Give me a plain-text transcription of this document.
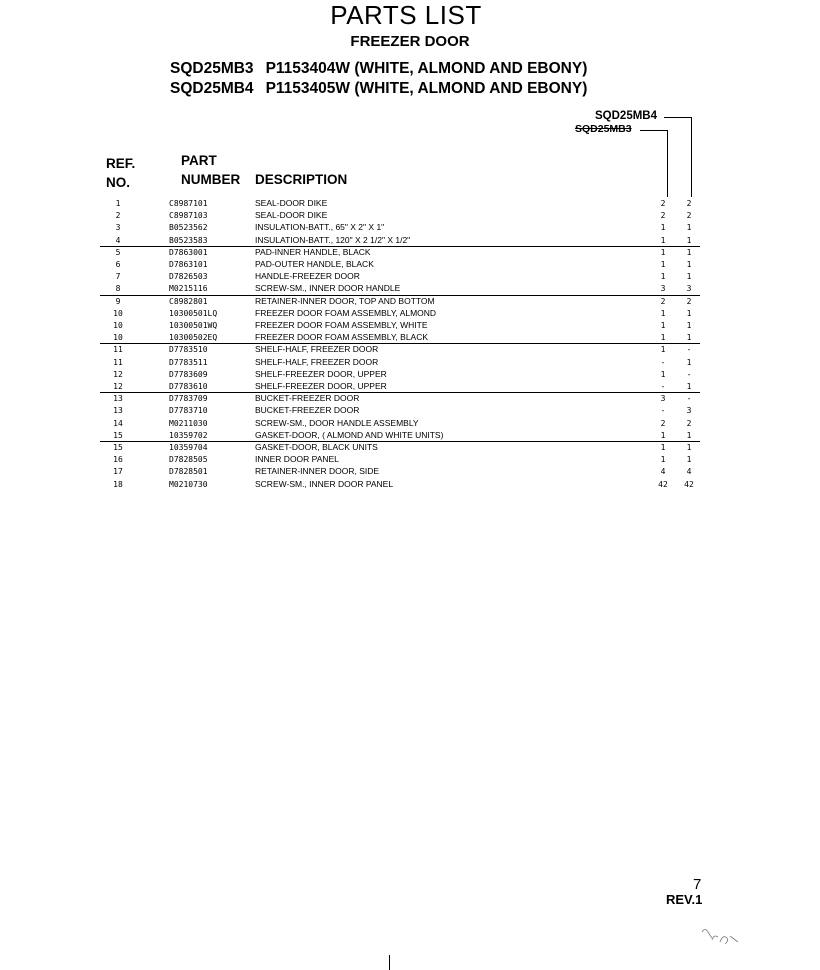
PARTS LIST
FREEZER DOOR
SQD25MB3 P1153404W (WHITE, ALMOND AND EBONY)
SQD25MB4 P1153405W (WHITE, ALMOND AND EBONY)
SQD25MB4
SQD25MB3
REF.
NO.
PART
NUMBER DESCRIPTION
1	C8987101	SEAL-DOOR DIKE	2	2
2	C8987103	SEAL-DOOR DIKE	2	2
3	B0523562	INSULATION-BATT., 65" X 2" X 1"	1	1
4	B0523583	INSULATION-BATT., 120" X 2 1/2" X 1/2"	1	1
5	D7863001	PAD-INNER HANDLE, BLACK	1	1
6	D7863101	PAD-OUTER HANDLE, BLACK	1	1
7	D7826503	HANDLE-FREEZER DOOR	1	1
8	M0215116	SCREW-SM., INNER DOOR HANDLE	3	3
9	C8982801	RETAINER-INNER DOOR, TOP AND BOTTOM	2	2
10	10300501LQ	FREEZER DOOR FOAM ASSEMBLY, ALMOND	1	1
10	10300501WQ	FREEZER DOOR FOAM ASSEMBLY, WHITE	1	1
10	10300502EQ	FREEZER DOOR FOAM ASSEMBLY, BLACK	1	1
11	D7783510	SHELF-HALF, FREEZER DOOR	1	-
11	D7783511	SHELF-HALF, FREEZER DOOR	-	1
12	D7783609	SHELF-FREEZER DOOR, UPPER	1	-
12	D7783610	SHELF-FREEZER DOOR, UPPER	-	1
13	D7783709	BUCKET-FREEZER DOOR	3	-
13	D7783710	BUCKET-FREEZER DOOR	-	3
14	M0211030	SCREW-SM., DOOR HANDLE ASSEMBLY	2	2
15	10359702	GASKET-DOOR, ( ALMOND AND WHITE UNITS)	1	1
15	10359704	GASKET-DOOR, BLACK UNITS	1	1
16	D7828505	INNER DOOR PANEL	1	1
17	D7828501	RETAINER-INNER DOOR, SIDE	4	4
18	M0210730	SCREW-SM., INNER DOOR PANEL	42	42
7
REV.1
